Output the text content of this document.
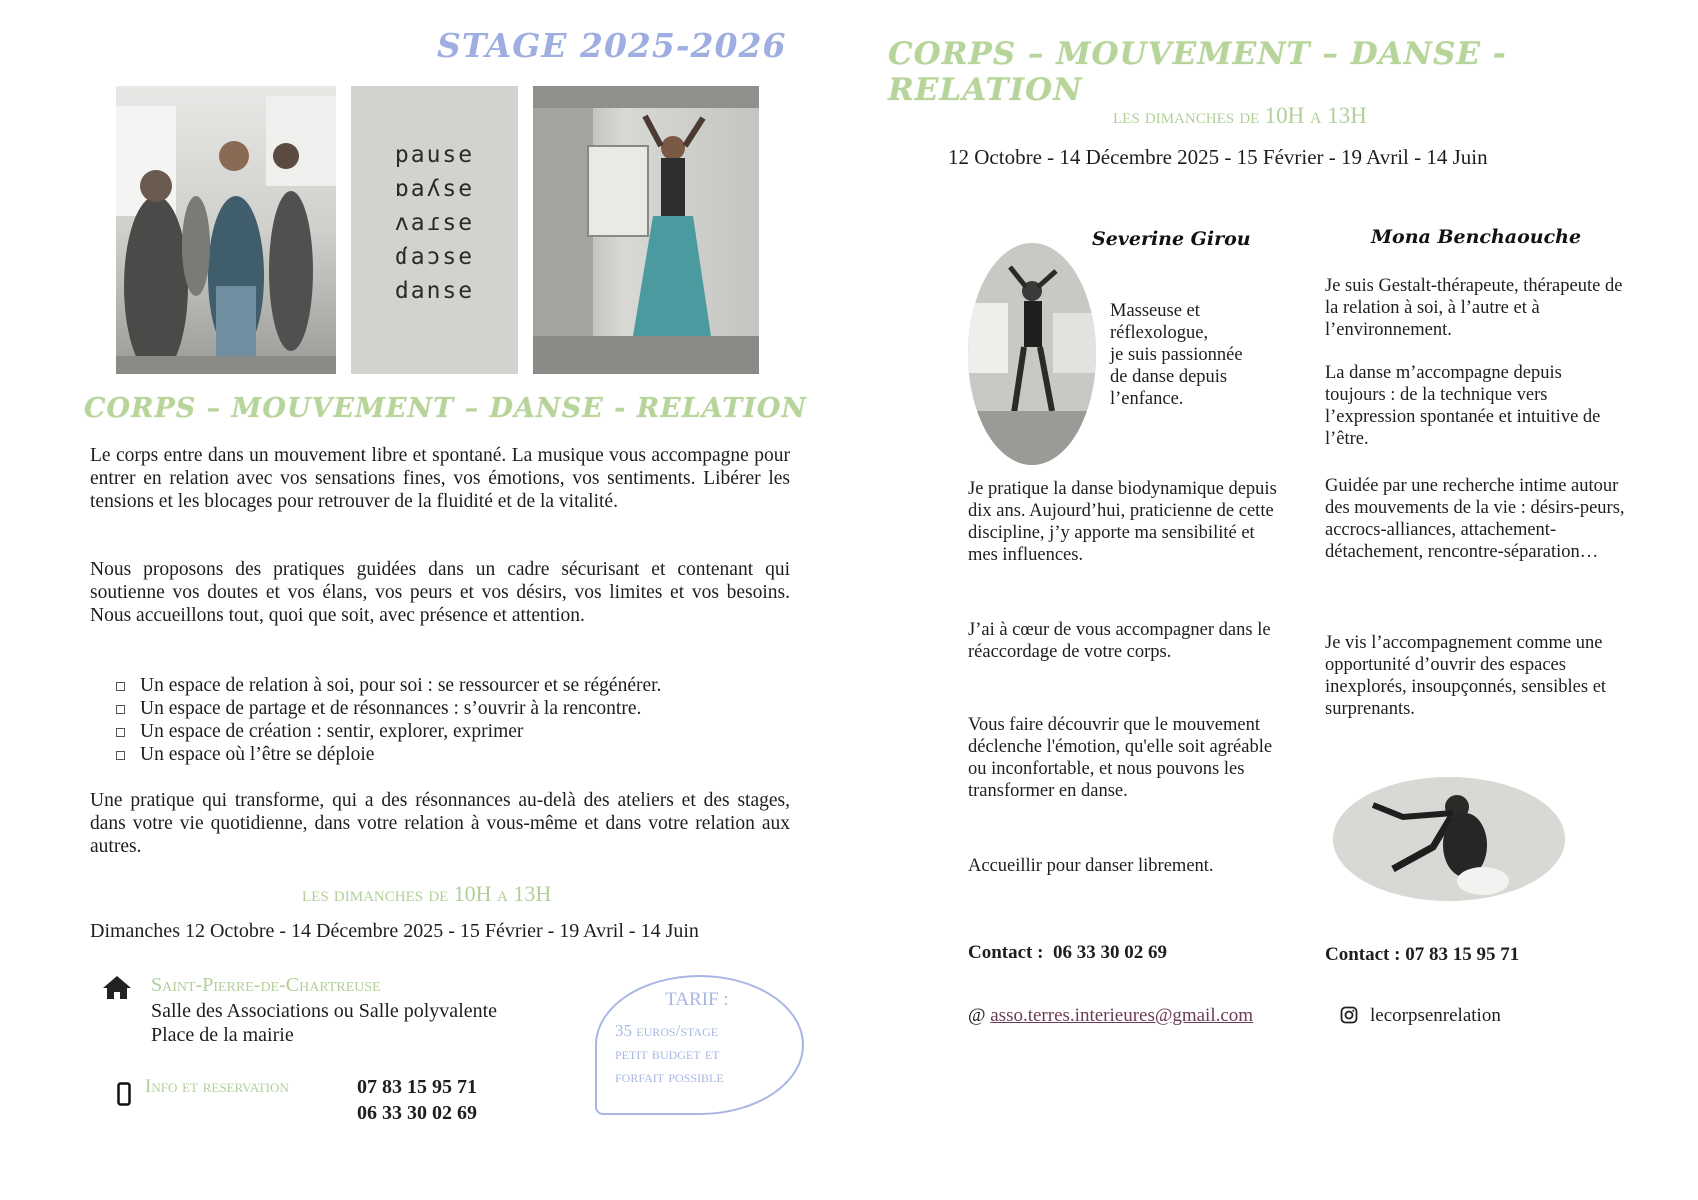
STAGE 2025-2026
pause
ɒaʎse
ʌaɾse
ɗaɔse
danse
CORPS – MOUVEMENT – DANSE - RELATION
Le corps entre dans un mouvement libre et spontané. La musique vous accompagne pour entrer en relation avec vos sensations fines, vos émotions, vos sentiments. Libérer les tensions et les blocages pour retrouver de la fluidité et de la vitalité.
Nous proposons des pratiques guidées dans un cadre sécurisant et contenant qui soutienne vos doutes et vos élans, vos peurs et vos désirs, vos limites et vos besoins. Nous accueillons tout, quoi que soit, avec présence et attention.
Un espace de relation à soi, pour soi : se ressourcer et se régénérer.
Un espace de partage et de résonnances : s’ouvrir à la rencontre.
Un espace de création : sentir, explorer, exprimer
Un espace où l’être se déploie
Une pratique qui transforme, qui a des résonnances au-delà des ateliers et des stages, dans votre vie quotidienne, dans votre relation à vous-même et dans votre relation aux autres.
les dimanches de 10H a 13H
Dimanches 12 Octobre - 14 Décembre 2025 - 15 Février - 19 Avril - 14 Juin
Saint-Pierre-de-Chartreuse
Salle des Associations ou Salle polyvalente
Place de la mairie
Info et reservation	07 83 15 95 71
06 33 30 02 69
TARIF :
35 euros/stage
petit budget et
forfait possible
CORPS – MOUVEMENT – DANSE - RELATION
les dimanches de 10H a 13H
12 Octobre - 14 Décembre 2025 - 15 Février - 19 Avril - 14 Juin
Severine Girou
Masseuse et
réflexologue,
je suis passionnée
de danse depuis
l’enfance.
Je pratique la danse biodynamique depuis dix ans. Aujourd’hui, praticienne de cette discipline, j’y apporte ma sensibilité et mes influences.
J’ai à cœur de vous accompagner dans le réaccordage de votre corps.
Vous faire découvrir que le mouvement déclenche l'émotion, qu'elle soit agréable ou inconfortable, et nous pouvons les transformer en danse.
Accueillir pour danser librement.
Contact : 06 33 30 02 69
Mona Benchaouche
Je suis Gestalt-thérapeute, thérapeute de la relation à soi, à l’autre et à l’environnement.
La danse m’accompagne depuis toujours : de la technique vers l’expression spontanée et intuitive de l’être.
Guidée par une recherche intime autour des mouvements de la vie : désirs-peurs, accrocs-alliances, attachement-détachement, rencontre-séparation…
Je vis l’accompagnement comme une opportunité d’ouvrir des espaces inexplorés, insoupçonnés, sensibles et surprenants.
Contact : 07 83 15 95 71
@ asso.terres.interieures@gmail.com	lecorpsenrelation
